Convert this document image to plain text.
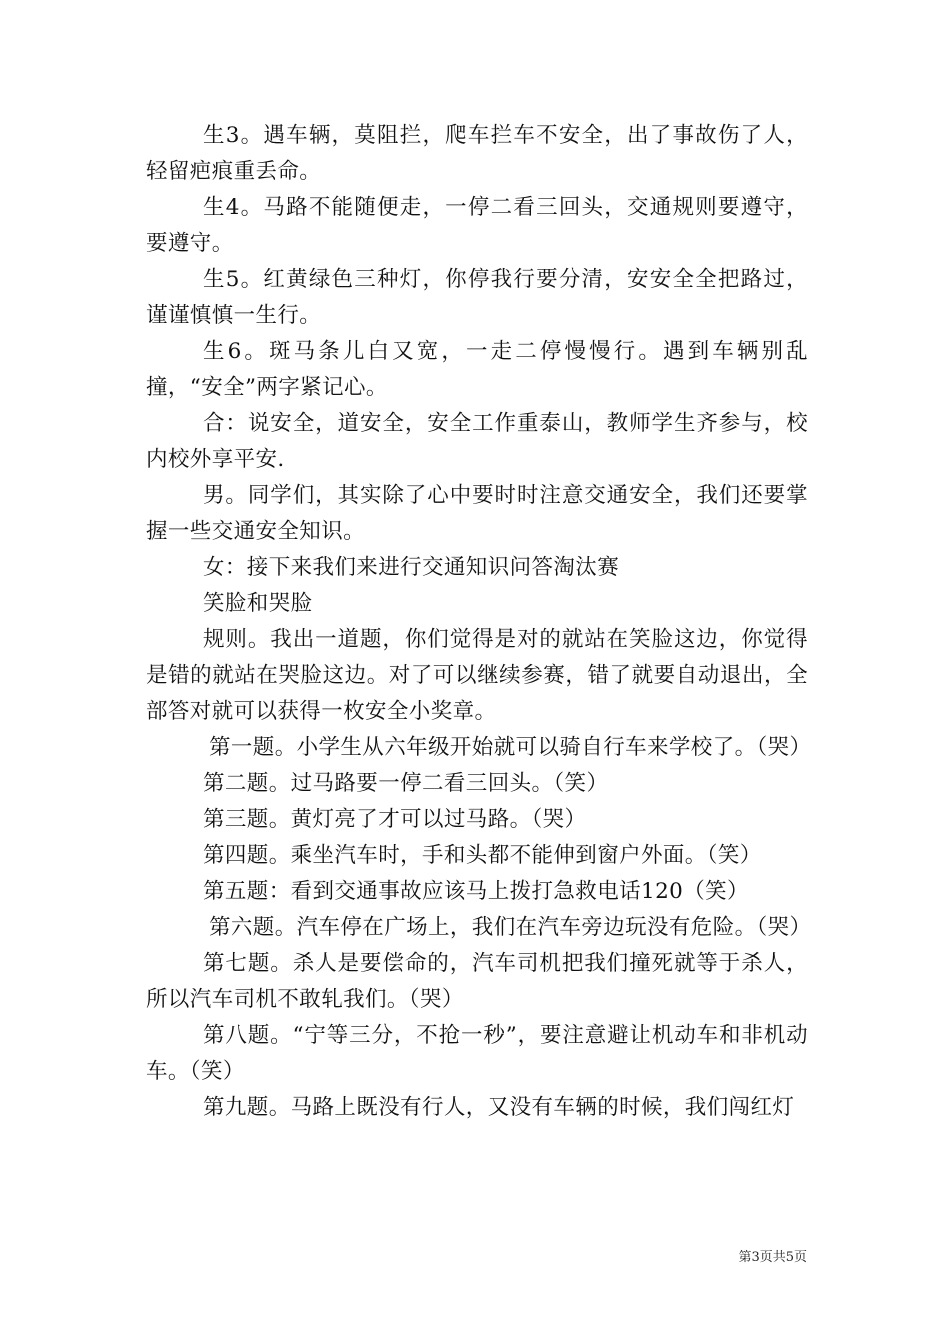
生3。遇车辆，莫阻拦，爬车拦车不安全，出了事故伤了人，轻留疤痕重丢命。

生4。马路不能随便走，一停二看三回头，交通规则要遵守，要遵守。

生5。红黄绿色三种灯，你停我行要分清，安安全全把路过，谨谨慎慎一生行。

生6。斑马条儿白又宽，一走二停慢慢行。遇到车辆别乱撞，“安全”两字紧记心。

合：说安全，道安全，安全工作重泰山，教师学生齐参与，校内校外享平安.

男。同学们，其实除了心中要时时注意交通安全，我们还要掌握一些交通安全知识。

女：接下来我们来进行交通知识问答淘汰赛

笑脸和哭脸

规则。我出一道题，你们觉得是对的就站在笑脸这边，你觉得是错的就站在哭脸这边。对了可以继续参赛，错了就要自动退出，全部答对就可以获得一枚安全小奖章。

第一题。小学生从六年级开始就可以骑自行车来学校了。（哭）

第二题。过马路要一停二看三回头。（笑）

第三题。黄灯亮了才可以过马路。（哭）

第四题。乘坐汽车时，手和头都不能伸到窗户外面。（笑）

第五题：看到交通事故应该马上拨打急救电话120（笑）

第六题。汽车停在广场上，我们在汽车旁边玩没有危险。（哭）

第七题。杀人是要偿命的，汽车司机把我们撞死就等于杀人，所以汽车司机不敢轧我们。（哭）

第八题。“宁等三分，不抢一秒”，要注意避让机动车和非机动车。（笑）

第九题。马路上既没有行人，又没有车辆的时候，我们闯红灯

第3页共5页
